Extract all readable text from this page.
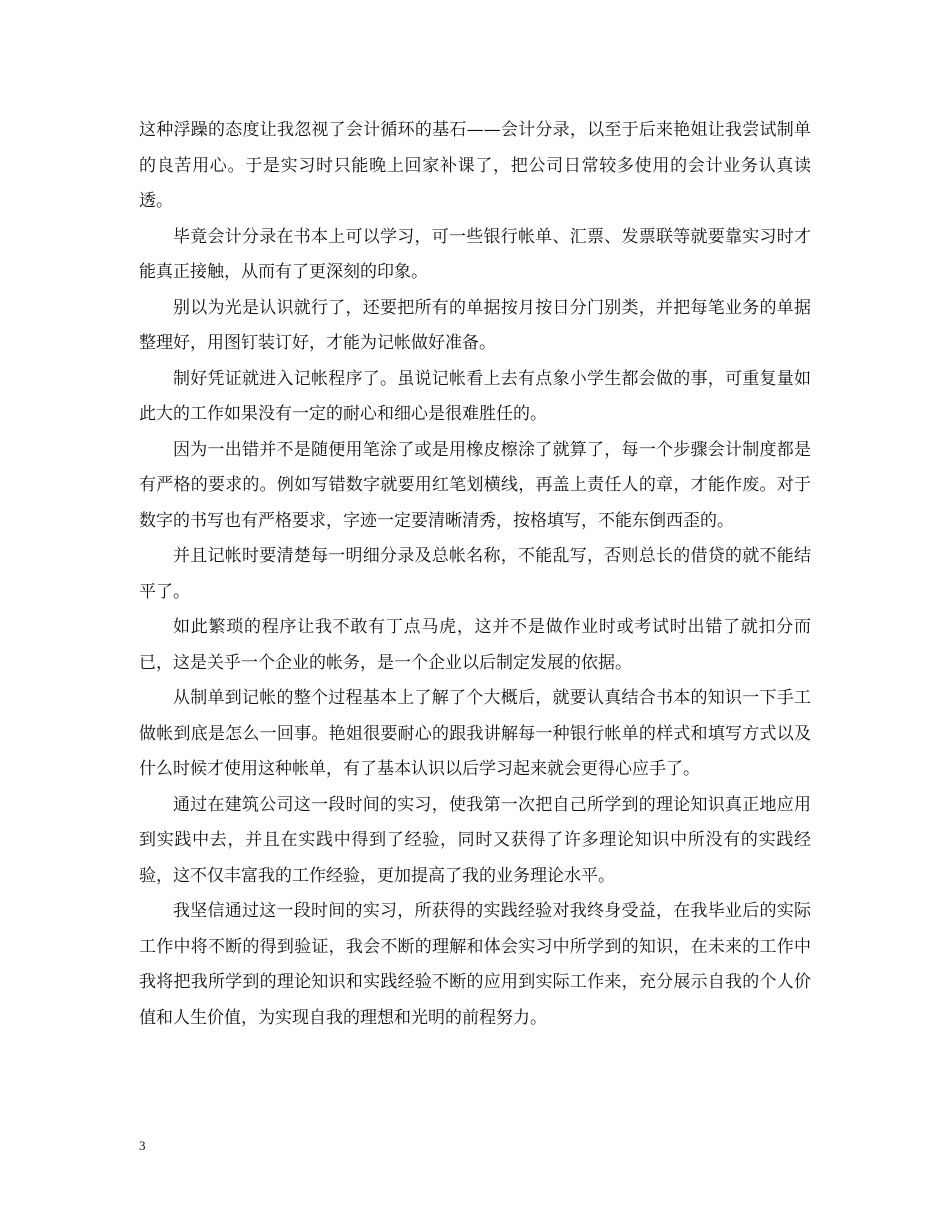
这种浮躁的态度让我忽视了会计循环的基石——会计分录，以至于后来艳姐让我尝试制单的良苦用心。于是实习时只能晚上回家补课了，把公司日常较多使用的会计业务认真读透。

毕竟会计分录在书本上可以学习，可一些银行帐单、汇票、发票联等就要靠实习时才能真正接触，从而有了更深刻的印象。

别以为光是认识就行了，还要把所有的单据按月按日分门别类，并把每笔业务的单据整理好，用图钉装订好，才能为记帐做好准备。

制好凭证就进入记帐程序了。虽说记帐看上去有点象小学生都会做的事，可重复量如此大的工作如果没有一定的耐心和细心是很难胜任的。

因为一出错并不是随便用笔涂了或是用橡皮檫涂了就算了，每一个步骤会计制度都是有严格的要求的。例如写错数字就要用红笔划横线，再盖上责任人的章，才能作废。对于数字的书写也有严格要求，字迹一定要清晰清秀，按格填写，不能东倒西歪的。

并且记帐时要清楚每一明细分录及总帐名称，不能乱写，否则总长的借贷的就不能结平了。

如此繁琐的程序让我不敢有丁点马虎，这并不是做作业时或考试时出错了就扣分而已，这是关乎一个企业的帐务，是一个企业以后制定发展的依据。

从制单到记帐的整个过程基本上了解了个大概后，就要认真结合书本的知识一下手工做帐到底是怎么一回事。艳姐很要耐心的跟我讲解每一种银行帐单的样式和填写方式以及什么时候才使用这种帐单，有了基本认识以后学习起来就会更得心应手了。

通过在建筑公司这一段时间的实习，使我第一次把自己所学到的理论知识真正地应用到实践中去，并且在实践中得到了经验，同时又获得了许多理论知识中所没有的实践经验，这不仅丰富我的工作经验，更加提高了我的业务理论水平。

我坚信通过这一段时间的实习，所获得的实践经验对我终身受益，在我毕业后的实际工作中将不断的得到验证，我会不断的理解和体会实习中所学到的知识，在未来的工作中我将把我所学到的理论知识和实践经验不断的应用到实际工作来，充分展示自我的个人价值和人生价值，为实现自我的理想和光明的前程努力。

3
